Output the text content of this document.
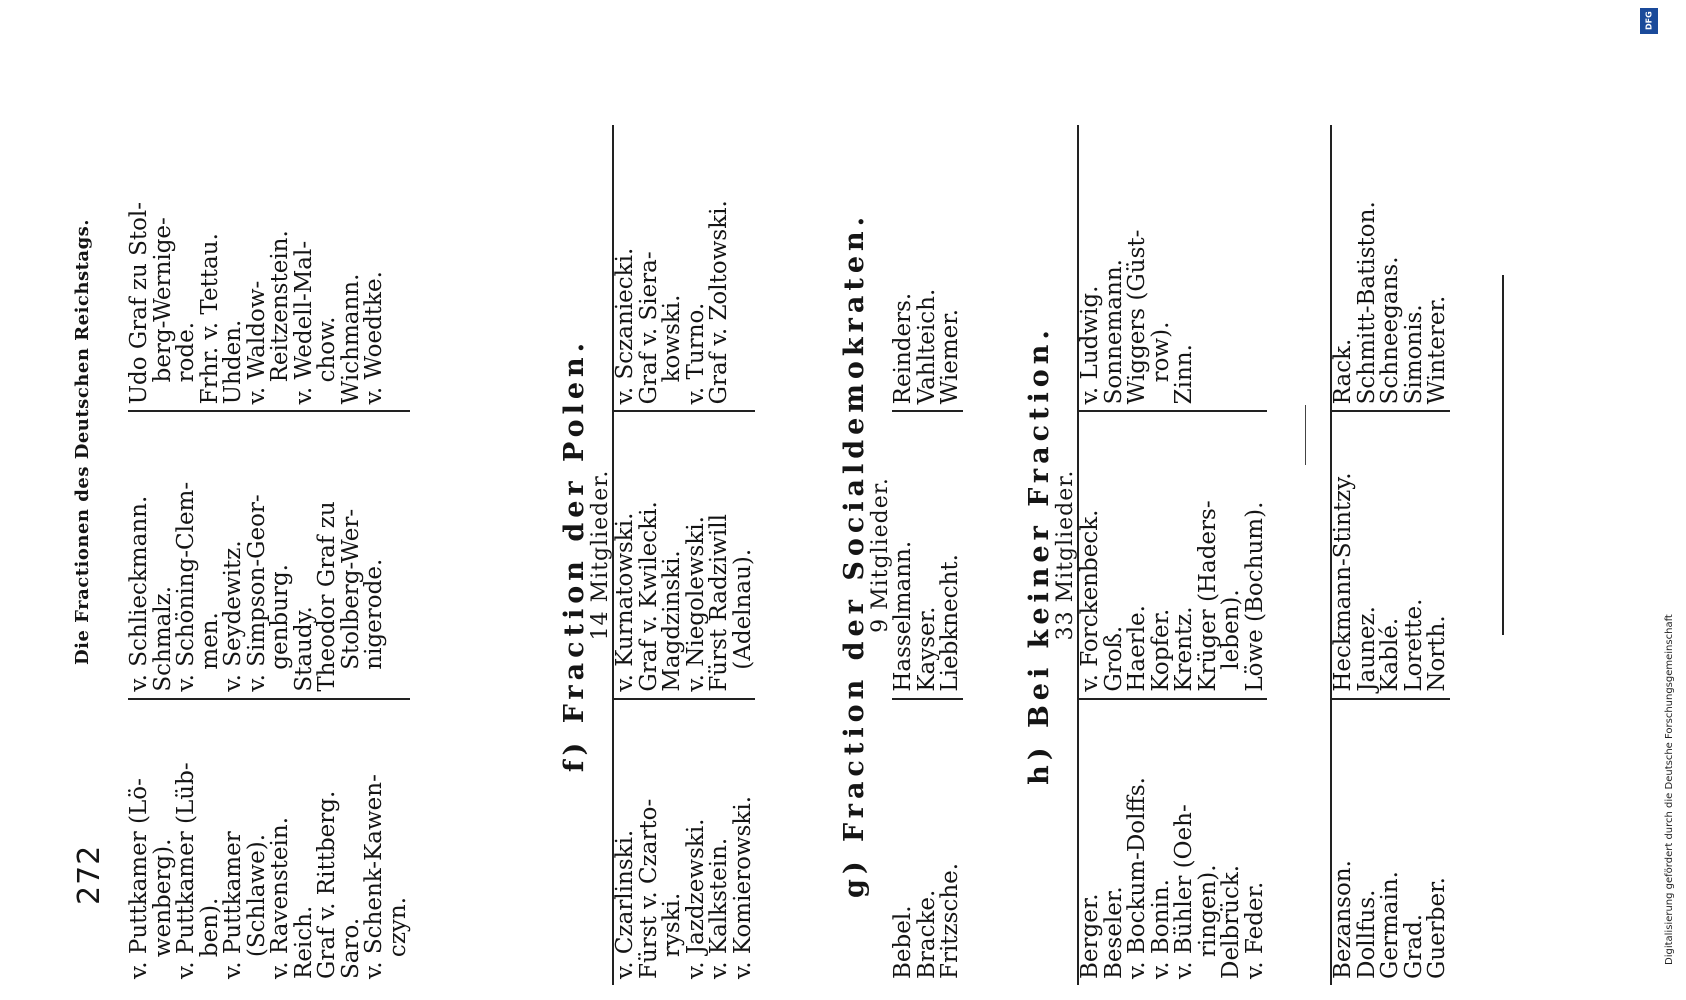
272
Die Fractionen des Deutschen Reichstags.
v. Puttkamer (Lö-
wenberg).
v. Puttkamer (Lüb-
ben).
v. Puttkamer
(Schlawe).
v. Ravenstein.
Reich.
Graf v. Rittberg.
Saro.
v. Schenk-Kawen-
czyn.
v. Schlieckmann.
Schmalz.
v. Schöning-Clem-
men.
v. Seydewitz.
v. Simpson-Geor-
genburg.
Staudy.
Theodor Graf zu
Stolberg-Wer-
nigerode.
Udo Graf zu Stol-
berg-Wernige-
rode.
Frhr. v. Tettau.
Uhden.
v. Waldow-
Reitzenstein.
v. Wedell-Mal-
chow.
Wichmann.
v. Woedtke.
f) Fraction der Polen.
14 Mitglieder.
v. Czarlinski.
Fürst v. Czarto-
ryski.
v. Jazdzewski.
v. Kalkstein.
v. Komierowski.
v. Kurnatowski.
Graf v. Kwilecki.
Magdzinski.
v. Niegolewski.
Fürst Radziwill
(Adelnau).
v. Sczaniecki.
Graf v. Siera-
kowski.
v. Turno.
Graf v. Zoltowski.	g) Fraction der Socialdemokraten.
9 Mitglieder.
Bebel.
Bracke.
Fritzsche.
Hasselmann.
Kayser.
Liebknecht.
Reinders.
Vahlteich.
Wiemer. h) Bei keiner Fraction.
33 Mitglieder.
Berger.
Beseler.
v. Bockum-Dolffs.
v. Bonin.
v. Bühler (Oeh-
ringen).
Delbrück.
v. Feder.
v. Forckenbeck.
Groß.
Haerle.
Kopfer.
Krentz.
Krüger (Haders-
leben).
Löwe (Bochum).
v. Ludwig.
Sonnemann.
Wiggers (Güst-
row).
Zinn.
Bezanson.
Dollfus.
Germain.
Grad.
Guerber.
Heckmann-Stintzy.
Jaunez.
Kablé.
Lorette.
North.
Rack.
Schmitt-Batiston.
Schneegans.
Simonis.
Winterer.
DFG
Digitalisierung gefördert durch die Deutsche Forschungsgemeinschaft
